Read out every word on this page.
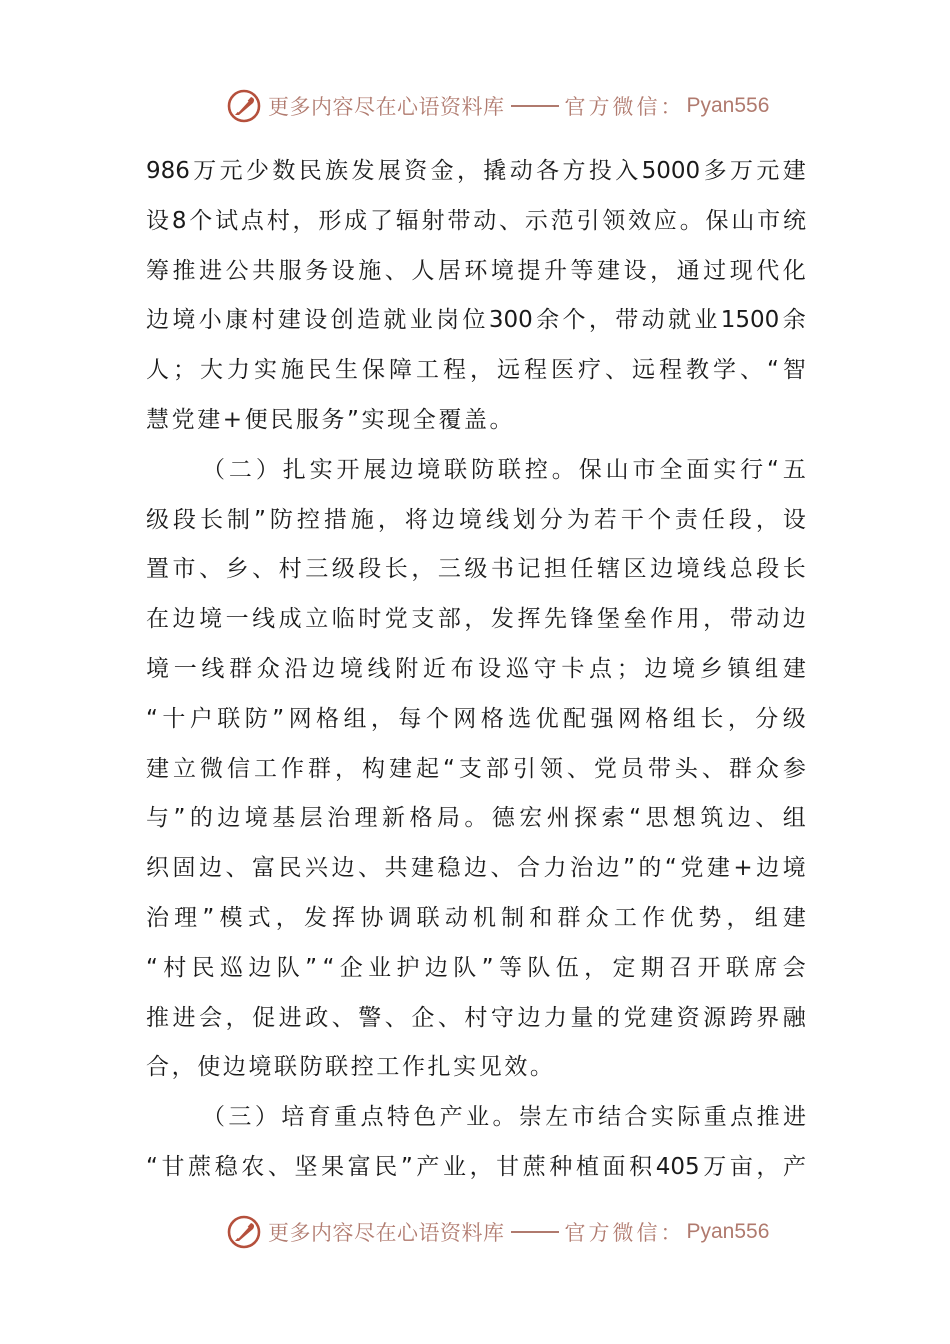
更多内容尽在心语资料库	官方微信： Pyan556
986 万 元 少 数 民 族 发 展 资 金 ， 撬 动 各 方 投 入 5000 多 万 元 建
设 8 个 试 点 村 ， 形 成 了 辐 射 带 动 、 示 范 引 领 效 应 。 保 山 市 统
筹 推 进 公 共 服 务 设 施 、 人 居 环 境 提 升 等 建 设 ， 通 过 现 代 化
边 境 小 康 村 建 设 创 造 就 业 岗 位 300 余 个 ， 带 动 就 业 1500 余
人 ； 大 力 实 施 民 生 保 障 工 程 ， 远 程 医 疗 、 远 程 教 学 、 “ 智
慧 党 建 + 便 民 服 务 ” 实 现 全 覆 盖 。
（ 二 ） 扎 实 开 展 边 境 联 防 联 控 。 保 山 市 全 面 实 行 “ 五
级 段 长 制 ” 防 控 措 施 ， 将 边 境 线 划 分 为 若 干 个 责 任 段 ， 设
置 市 、 乡 、 村 三 级 段 长 ， 三 级 书 记 担 任 辖 区 边 境 线 总 段 长
在 边 境 一 线 成 立 临 时 党 支 部 ， 发 挥 先 锋 堡 垒 作 用 ， 带 动 边
境 一 线 群 众 沿 边 境 线 附 近 布 设 巡 守 卡 点 ； 边 境 乡 镇 组 建
“ 十 户 联 防 ” 网 格 组 ， 每 个 网 格 选 优 配 强 网 格 组 长 ， 分 级
建 立 微 信 工 作 群 ， 构 建 起 “ 支 部 引 领 、 党 员 带 头 、 群 众 参
与 ” 的 边 境 基 层 治 理 新 格 局 。 德 宏 州 探 索 “ 思 想 筑 边 、 组
织 固 边 、 富 民 兴 边 、 共 建 稳 边 、 合 力 治 边 ” 的 “ 党 建 + 边 境
治 理 ” 模 式 ， 发 挥 协 调 联 动 机 制 和 群 众 工 作 优 势 ， 组 建
“ 村 民 巡 边 队 ” “ 企 业 护 边 队 ” 等 队 伍 ， 定 期 召 开 联 席 会
推 进 会 ， 促 进 政 、 警 、 企 、 村 守 边 力 量 的 党 建 资 源 跨 界 融
合 ， 使 边 境 联 防 联 控 工 作 扎 实 见 效 。
（ 三 ） 培 育 重 点 特 色 产 业 。 崇 左 市 结 合 实 际 重 点 推 进
“ 甘 蔗 稳 农 、 坚 果 富 民 ” 产 业 ， 甘 蔗 种 植 面 积 405 万 亩 ， 产
更多内容尽在心语资料库	官方微信： Pyan556
